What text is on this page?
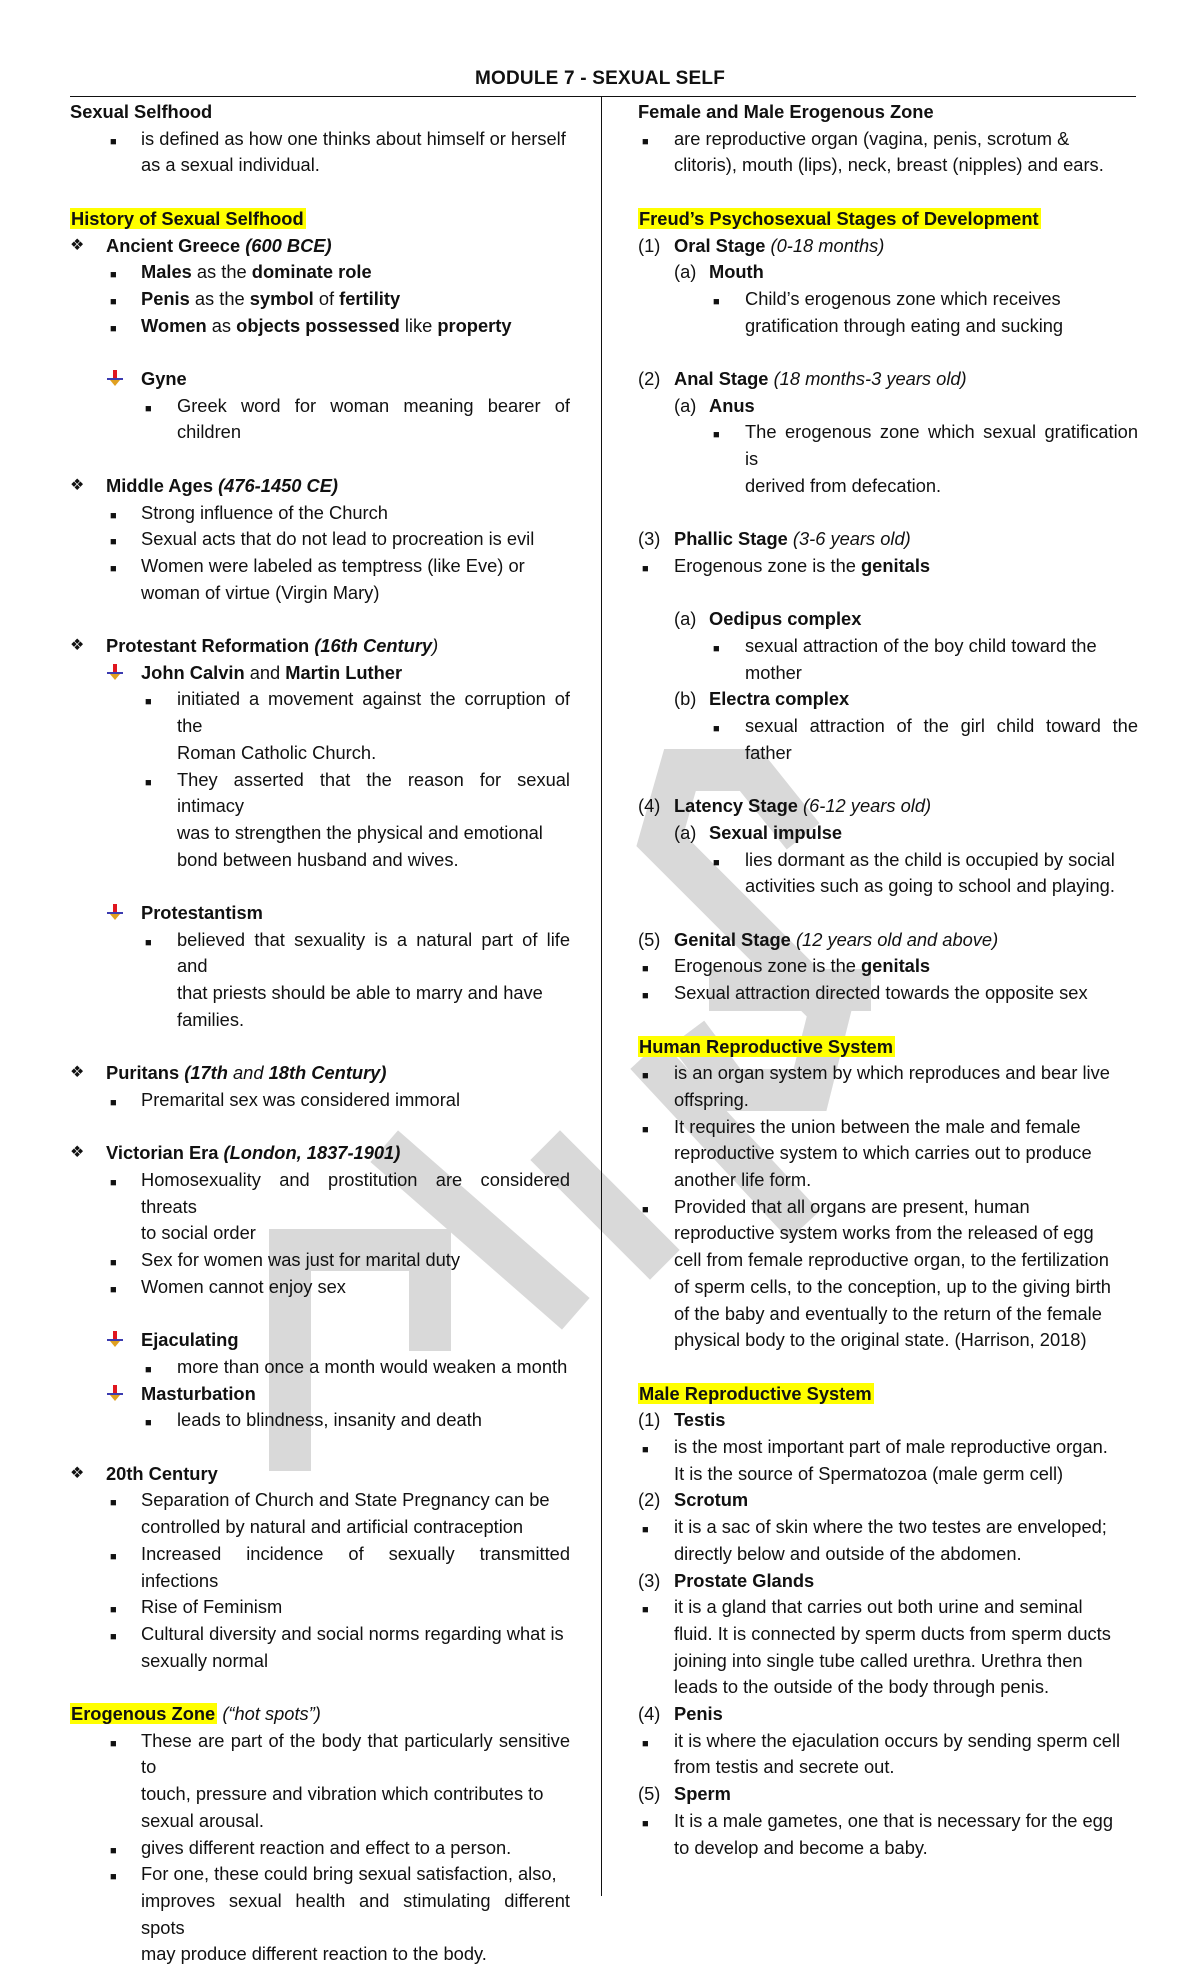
MODULE 7 - SEXUAL SELF
Sexual Selfhood
■	is defined as how one thinks about himself or herself
as a sexual individual.
History of Sexual Selfhood
❖	Ancient Greece (600 BCE)
■	Males as the dominate role
■	Penis as the symbol of fertility
■	Women as objects possessed like property
Gyne
■	Greek word for woman meaning bearer of children
❖	Middle Ages (476-1450 CE)
■	Strong influence of the Church
■	Sexual acts that do not lead to procreation is evil
■	Women were labeled as temptress (like Eve) or
woman of virtue (Virgin Mary)
❖	Protestant Reformation (16th Century)
John Calvin and Martin Luther
■	initiated a movement against the corruption of the
Roman Catholic Church.
■	They asserted that the reason for sexual intimacy
was to strengthen the physical and emotional
bond between husband and wives.
Protestantism
■	believed that sexuality is a natural part of life and
that priests should be able to marry and have
families.
❖	Puritans (17th and 18th Century)
■	Premarital sex was considered immoral
❖	Victorian Era (London, 1837-1901)
■	Homosexuality and prostitution are considered threats
to social order
■	Sex for women was just for marital duty
■	Women cannot enjoy sex
Ejaculating
■	more than once a month would weaken a month
Masturbation
■	leads to blindness, insanity and death
❖	20th Century
■	Separation of Church and State Pregnancy can be
controlled by natural and artificial contraception
■	Increased incidence of sexually transmitted infections
■	Rise of Feminism
■	Cultural diversity and social norms regarding what is
sexually normal
Erogenous Zone (“hot spots”)
■	These are part of the body that particularly sensitive to
touch, pressure and vibration which contributes to
sexual arousal.
■	gives different reaction and effect to a person.
■	For one, these could bring sexual satisfaction, also,
improves sexual health and stimulating different spots
may produce different reaction to the body.
Female and Male Erogenous Zone
■	are reproductive organ (vagina, penis, scrotum &
clitoris), mouth (lips), neck, breast (nipples) and ears.
Freud’s Psychosexual Stages of Development
(1) Oral Stage (0-18 months)
(a) Mouth
■	Child’s erogenous zone which receives
gratification through eating and sucking
(2) Anal Stage (18 months-3 years old)
(a) Anus
■	The erogenous zone which sexual gratification is
derived from defecation.
(3) Phallic Stage (3-6 years old)
■	Erogenous zone is the genitals
(a) Oedipus complex
■	sexual attraction of the boy child toward the
mother
(b) Electra complex
■	sexual attraction of the girl child toward the father
(4) Latency Stage (6-12 years old)
(a) Sexual impulse
■	lies dormant as the child is occupied by social
activities such as going to school and playing.
(5) Genital Stage (12 years old and above)
■	Erogenous zone is the genitals
■	Sexual attraction directed towards the opposite sex
Human Reproductive System
■	is an organ system by which reproduces and bear live
offspring.
■	It requires the union between the male and female
reproductive system to which carries out to produce
another life form.
■	Provided that all organs are present, human
reproductive system works from the released of egg
cell from female reproductive organ, to the fertilization
of sperm cells, to the conception, up to the giving birth
of the baby and eventually to the return of the female
physical body to the original state. (Harrison, 2018)
Male Reproductive System
(1) Testis
■	is the most important part of male reproductive organ.
It is the source of Spermatozoa (male germ cell)
(2) Scrotum
■	it is a sac of skin where the two testes are enveloped;
directly below and outside of the abdomen.
(3) Prostate Glands
■	it is a gland that carries out both urine and seminal
fluid. It is connected by sperm ducts from sperm ducts
joining into single tube called urethra. Urethra then
leads to the outside of the body through penis.
(4) Penis
■	it is where the ejaculation occurs by sending sperm cell
from testis and secrete out.
(5) Sperm
■	It is a male gametes, one that is necessary for the egg
to develop and become a baby.
